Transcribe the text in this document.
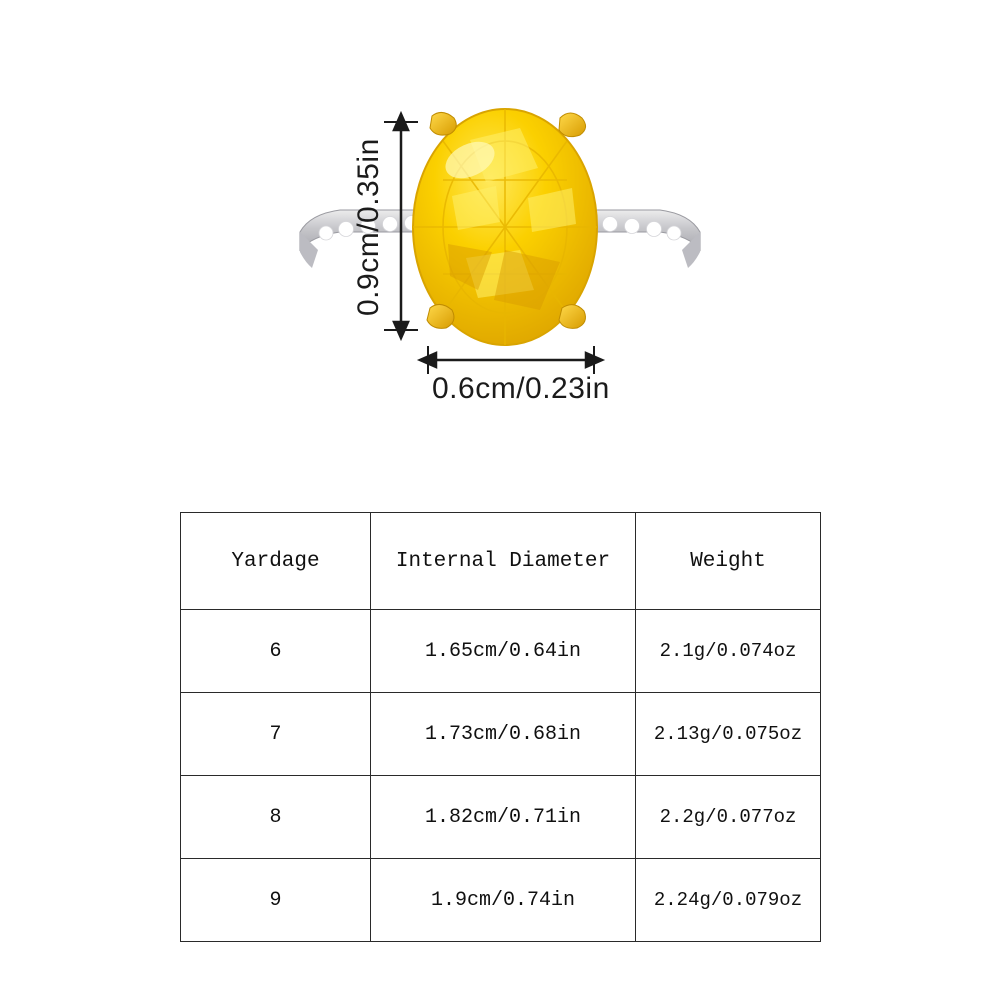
0.9cm/0.35in
0.6cm/0.23in
Yardage	Internal Diameter	Weight
6	1.65cm/0.64in	2.1g/0.074oz
7	1.73cm/0.68in	2.13g/0.075oz
8	1.82cm/0.71in	2.2g/0.077oz
9	1.9cm/0.74in	2.24g/0.079oz
